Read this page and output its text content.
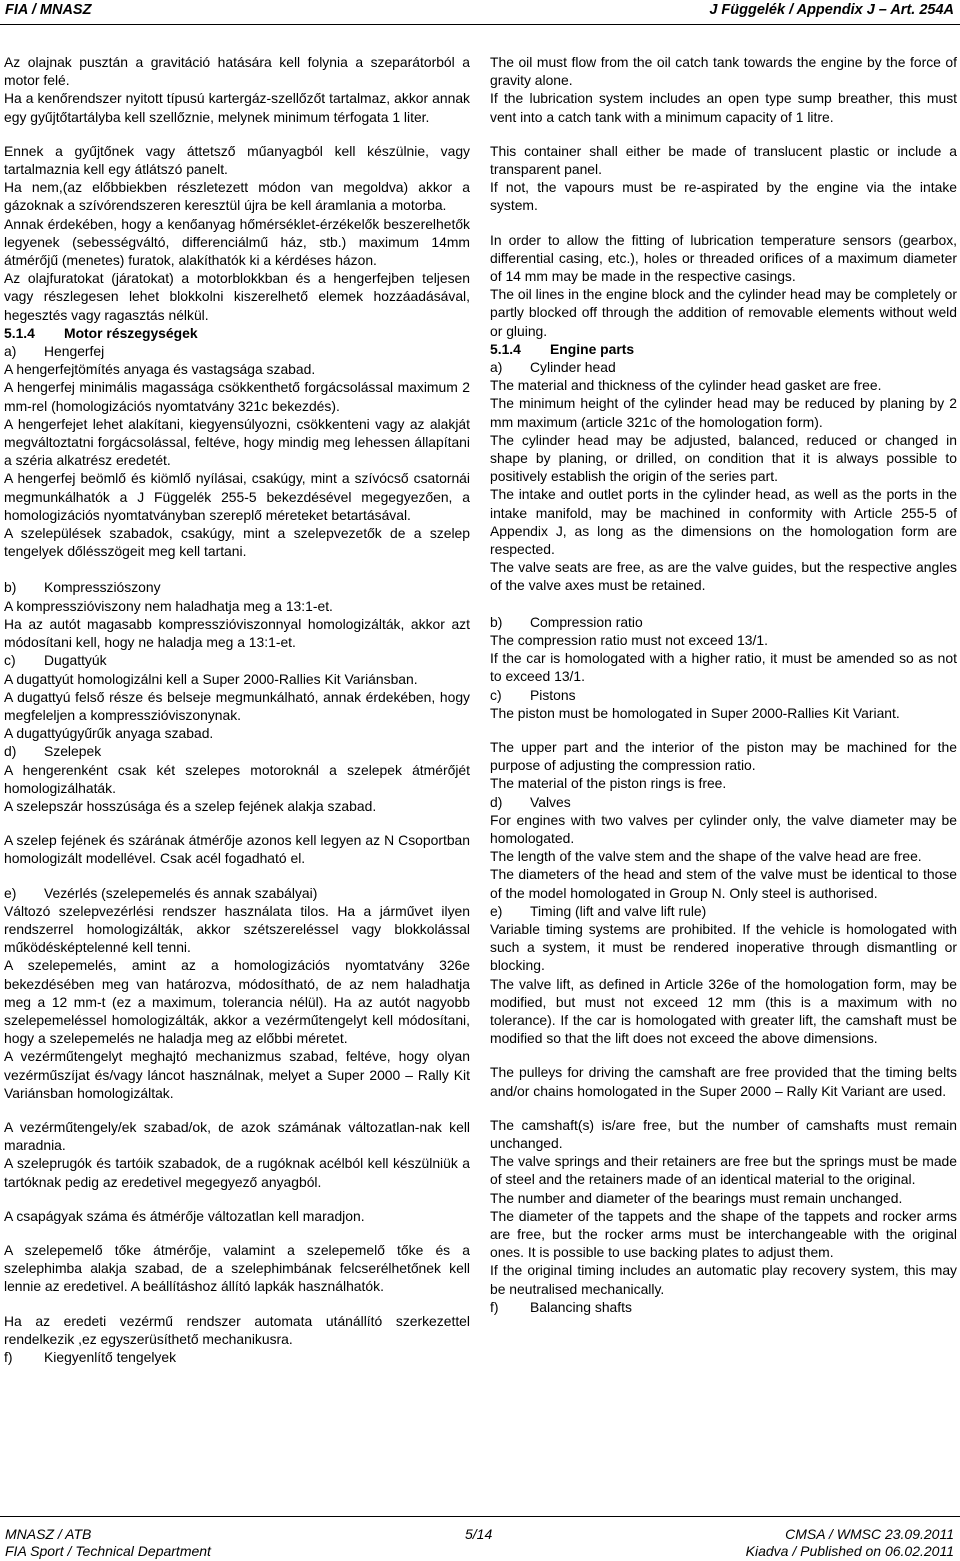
FIA / MNASZ	J Függelék / Appendix J – Art. 254A

Az olajnak pusztán a gravitáció hatására kell folynia a szeparátorból a motor felé.

Ha a kenőrendszer nyitott típusú kartergáz-szellőzőt tartalmaz, akkor annak egy gyűjtőtartályba kell szellőznie, melynek minimum térfogata 1 liter.

Ennek a gyűjtőnek vagy áttetsző műanyagból kell készülnie, vagy tartalmaznia kell egy átlátszó panelt.

Ha nem,(az előbbiekben részletezett módon van megoldva) akkor a gázoknak a szívórendszeren keresztül újra be kell áramlania a motorba.

Annak érdekében, hogy a kenőanyag hőmérséklet-érzékelők beszerelhetők legyenek (sebességváltó, differenciálmű ház, stb.) maximum 14mm átmérőjű (menetes) furatok, alakíthatók ki a kérdéses házon.

Az olajfuratokat (járatokat) a motorblokkban és a hengerfejben teljesen vagy részlegesen lehet blokkolni kiszerelhető elemek hozzáadásával, hegesztés vagy ragasztás nélkül.

5.1.4 Motor részegységek

a) Hengerfej

A hengerfejtömítés anyaga és vastagsága szabad.

A hengerfej minimális magassága csökkenthető forgácsolással maximum 2 mm-rel (homologizációs nyomtatvány 321c bekezdés).

A hengerfejet lehet alakítani, kiegyensúlyozni, csökkenteni vagy az alakját megváltoztatni forgácsolással, feltéve, hogy mindig meg lehessen állapítani a széria alkatrész eredetét.

A hengerfej beömlő és kiömlő nyílásai, csakúgy, mint a szívócső csatornái megmunkálhatók a J Függelék 255-5 bekezdésével megegyezően, a homologizációs nyomtatványban szereplő méreteket betartásával.

A szelepülések szabadok, csakúgy, mint a szelepvezetők de a szelep tengelyek dőlésszögeit meg kell tartani.

b) Kompressziószony

A kompresszióviszony nem haladhatja meg a 13:1-et.

Ha az autót magasabb kompresszióviszonnyal homologizálták, akkor azt módosítani kell, hogy ne haladja meg a 13:1-et.

c) Dugattyúk

A dugattyút homologizálni kell a Super 2000-Rallies Kit Variánsban.

A dugattyú felső része és belseje megmunkálható, annak érdekében, hogy megfeleljen a kompresszióviszonynak.

A dugattyúgyűrűk anyaga szabad.

d) Szelepek

A hengerenként csak két szelepes motoroknál a szelepek átmérőjét homologizálhaták.

A szelepszár hosszúsága és a szelep fejének alakja szabad.

A szelep fejének és szárának átmérője azonos kell legyen az N Csoportban homologizált modellével. Csak acél fogadható el.

e) Vezérlés (szelepemelés és annak szabályai)

Változó szelepvezérlési rendszer használata tilos. Ha a járművet ilyen rendszerrel homologizálták, akkor szétszereléssel vagy blokkolással működésképtelenné kell tenni.

A szelepemelés, amint az a homologizációs nyomtatvány 326e bekezdésében meg van határozva, módosítható, de az nem haladhatja meg a 12 mm-t (ez a maximum, tolerancia nélül). Ha az autót nagyobb szelepemeléssel homologizálták, akkor a vezérműtengelyt kell módosítani, hogy a szelepemelés ne haladja meg az előbbi méretet.

A vezérműtengelyt meghajtó mechanizmus szabad, feltéve, hogy olyan vezérműszíjat és/vagy láncot használnak, melyet a Super 2000 – Rally Kit Variánsban homologizáltak.

A vezérműtengely/ek szabad/ok, de azok számának változatlan-nak kell maradnia.

A szeleprugók és tartóik szabadok, de a rugóknak acélból kell készülniük a tartóknak pedig az eredetivel megegyező anyagból.

A csapágyak száma és átmérője változatlan kell maradjon.

A szelepemelő tőke átmérője, valamint a szelepemelő tőke és a szelephimba alakja szabad, de a szelephimbának felcserélhetőnek kell lennie az eredetivel. A beállításhoz állító lapkák használhatók.

Ha az eredeti vezérmű rendszer automata utánállító szerkezettel rendelkezik ,ez egyszerüsíthető mechanikusra.

f) Kiegyenlítő tengelyek

The oil must flow from the oil catch tank towards the engine by the force of gravity alone.

If the lubrication system includes an open type sump breather, this must vent into a catch tank with a minimum capacity of 1 litre.

This container shall either be made of translucent plastic or include a transparent panel.

If not, the vapours must be re-aspirated by the engine via the intake system.

In order to allow the fitting of lubrication temperature sensors (gearbox, differential casing, etc.), holes or threaded orifices of a maximum diameter of 14 mm may be made in the respective casings.

The oil lines in the engine block and the cylinder head may be completely or partly blocked off through the addition of removable elements without weld or gluing.

5.1.4 Engine parts

a) Cylinder head

The material and thickness of the cylinder head gasket are free.

The minimum height of the cylinder head may be reduced by planing by 2 mm maximum (article 321c of the homologation form).

The cylinder head may be adjusted, balanced, reduced or changed in shape by planing, or drilled, on condition that it is always possible to positively establish the origin of the series part.

The intake and outlet ports in the cylinder head, as well as the ports in the intake manifold, may be machined in conformity with Article 255-5 of Appendix J, as long as the dimensions on the homologation form are respected.

The valve seats are free, as are the valve guides, but the respective angles of the valve axes must be retained.

b) Compression ratio

The compression ratio must not exceed 13/1.

If the car is homologated with a higher ratio, it must be amended so as not to exceed 13/1.

c) Pistons

The piston must be homologated in Super 2000-Rallies Kit Variant.

The upper part and the interior of the piston may be machined for the purpose of adjusting the compression ratio.

The material of the piston rings is free.

d) Valves

For engines with two valves per cylinder only, the valve diameter may be homologated.

The length of the valve stem and the shape of the valve head are free.

The diameters of the head and stem of the valve must be identical to those of the model homologated in Group N. Only steel is authorised.

e) Timing (lift and valve lift rule)

Variable timing systems are prohibited. If the vehicle is homologated with such a system, it must be rendered inoperative through dismantling or blocking.

The valve lift, as defined in Article 326e of the homologation form, may be modified, but must not exceed 12 mm (this is a maximum with no tolerance). If the car is homologated with greater lift, the camshaft must be modified so that the lift does not exceed the above dimensions.

The pulleys for driving the camshaft are free provided that the timing belts and/or chains homologated in the Super 2000 – Rally Kit Variant are used.

The camshaft(s) is/are free, but the number of camshafts must remain unchanged.

The valve springs and their retainers are free but the springs must be made of steel and the retainers made of an identical material to the original.

The number and diameter of the bearings must remain unchanged.

The diameter of the tappets and the shape of the tappets and rocker arms are free, but the rocker arms must be interchangeable with the original ones. It is possible to use backing plates to adjust them.

If the original timing includes an automatic play recovery system, this may be neutralised mechanically.

f) Balancing shafts

MNASZ / ATB
FIA Sport / Technical Department
5/14	CMSA / WMSC 23.09.2011
Kiadva / Published on 06.02.2011
